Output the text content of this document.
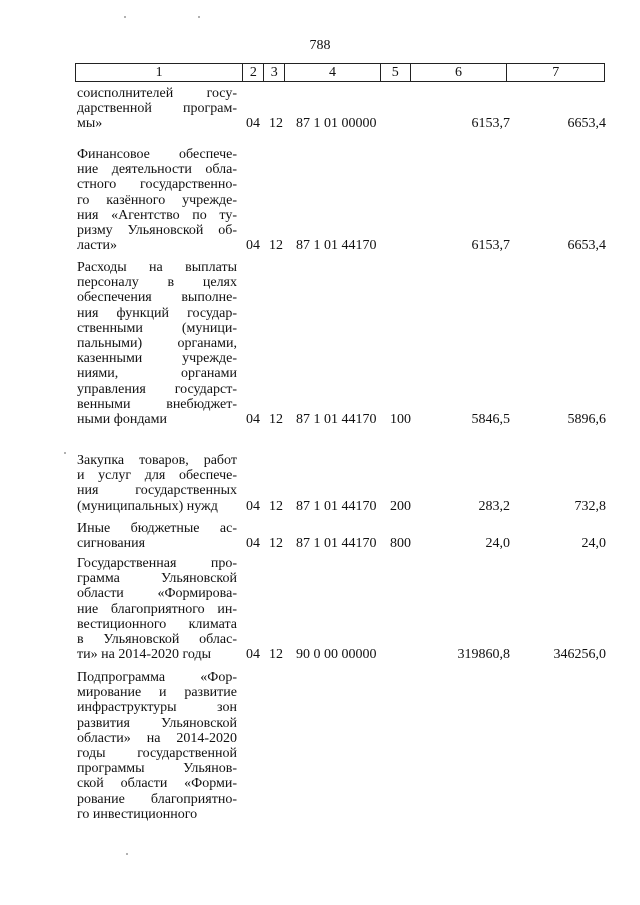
788
1	2 3	4	5	6	7
соисполнителей госу-
дарственной програм-
мы»	04 12 87 1 01 00000	6153,7	6653,4
Финансовое обеспече-
ние деятельности обла-
стного государственно-
го казённого учрежде-
ния «Агентство по ту-
ризму Ульяновской об-
ласти»	04 12 87 1 01 44170	6153,7	6653,4
Расходы на выплаты
персоналу в целях
обеспечения выполне-
ния функций государ-
ственными (муници-
пальными) органами,
казенными учрежде-
ниями, органами
управления государст-
венными внебюджет-
ными фондами	04 12 87 1 01 44170 100	5846,5	5896,6
Закупка товаров, работ
и услуг для обеспече-
ния государственных
(муниципальных) нужд	04 12 87 1 01 44170 200	283,2	732,8
Иные бюджетные ас-
сигнования	04 12 87 1 01 44170 800	24,0	24,0
Государственная про-
грамма Ульяновской
области «Формирова-
ние благоприятного ин-
вестиционного климата
в Ульяновской облас-
ти» на 2014-2020 годы	04 12 90 0 00 00000	319860,8	346256,0
Подпрограмма «Фор-
мирование и развитие
инфраструктуры зон
развития Ульяновской
области» на 2014-2020
годы государственной
программы Ульянов-
ской области «Форми-
рование благоприятно-
го инвестиционного
